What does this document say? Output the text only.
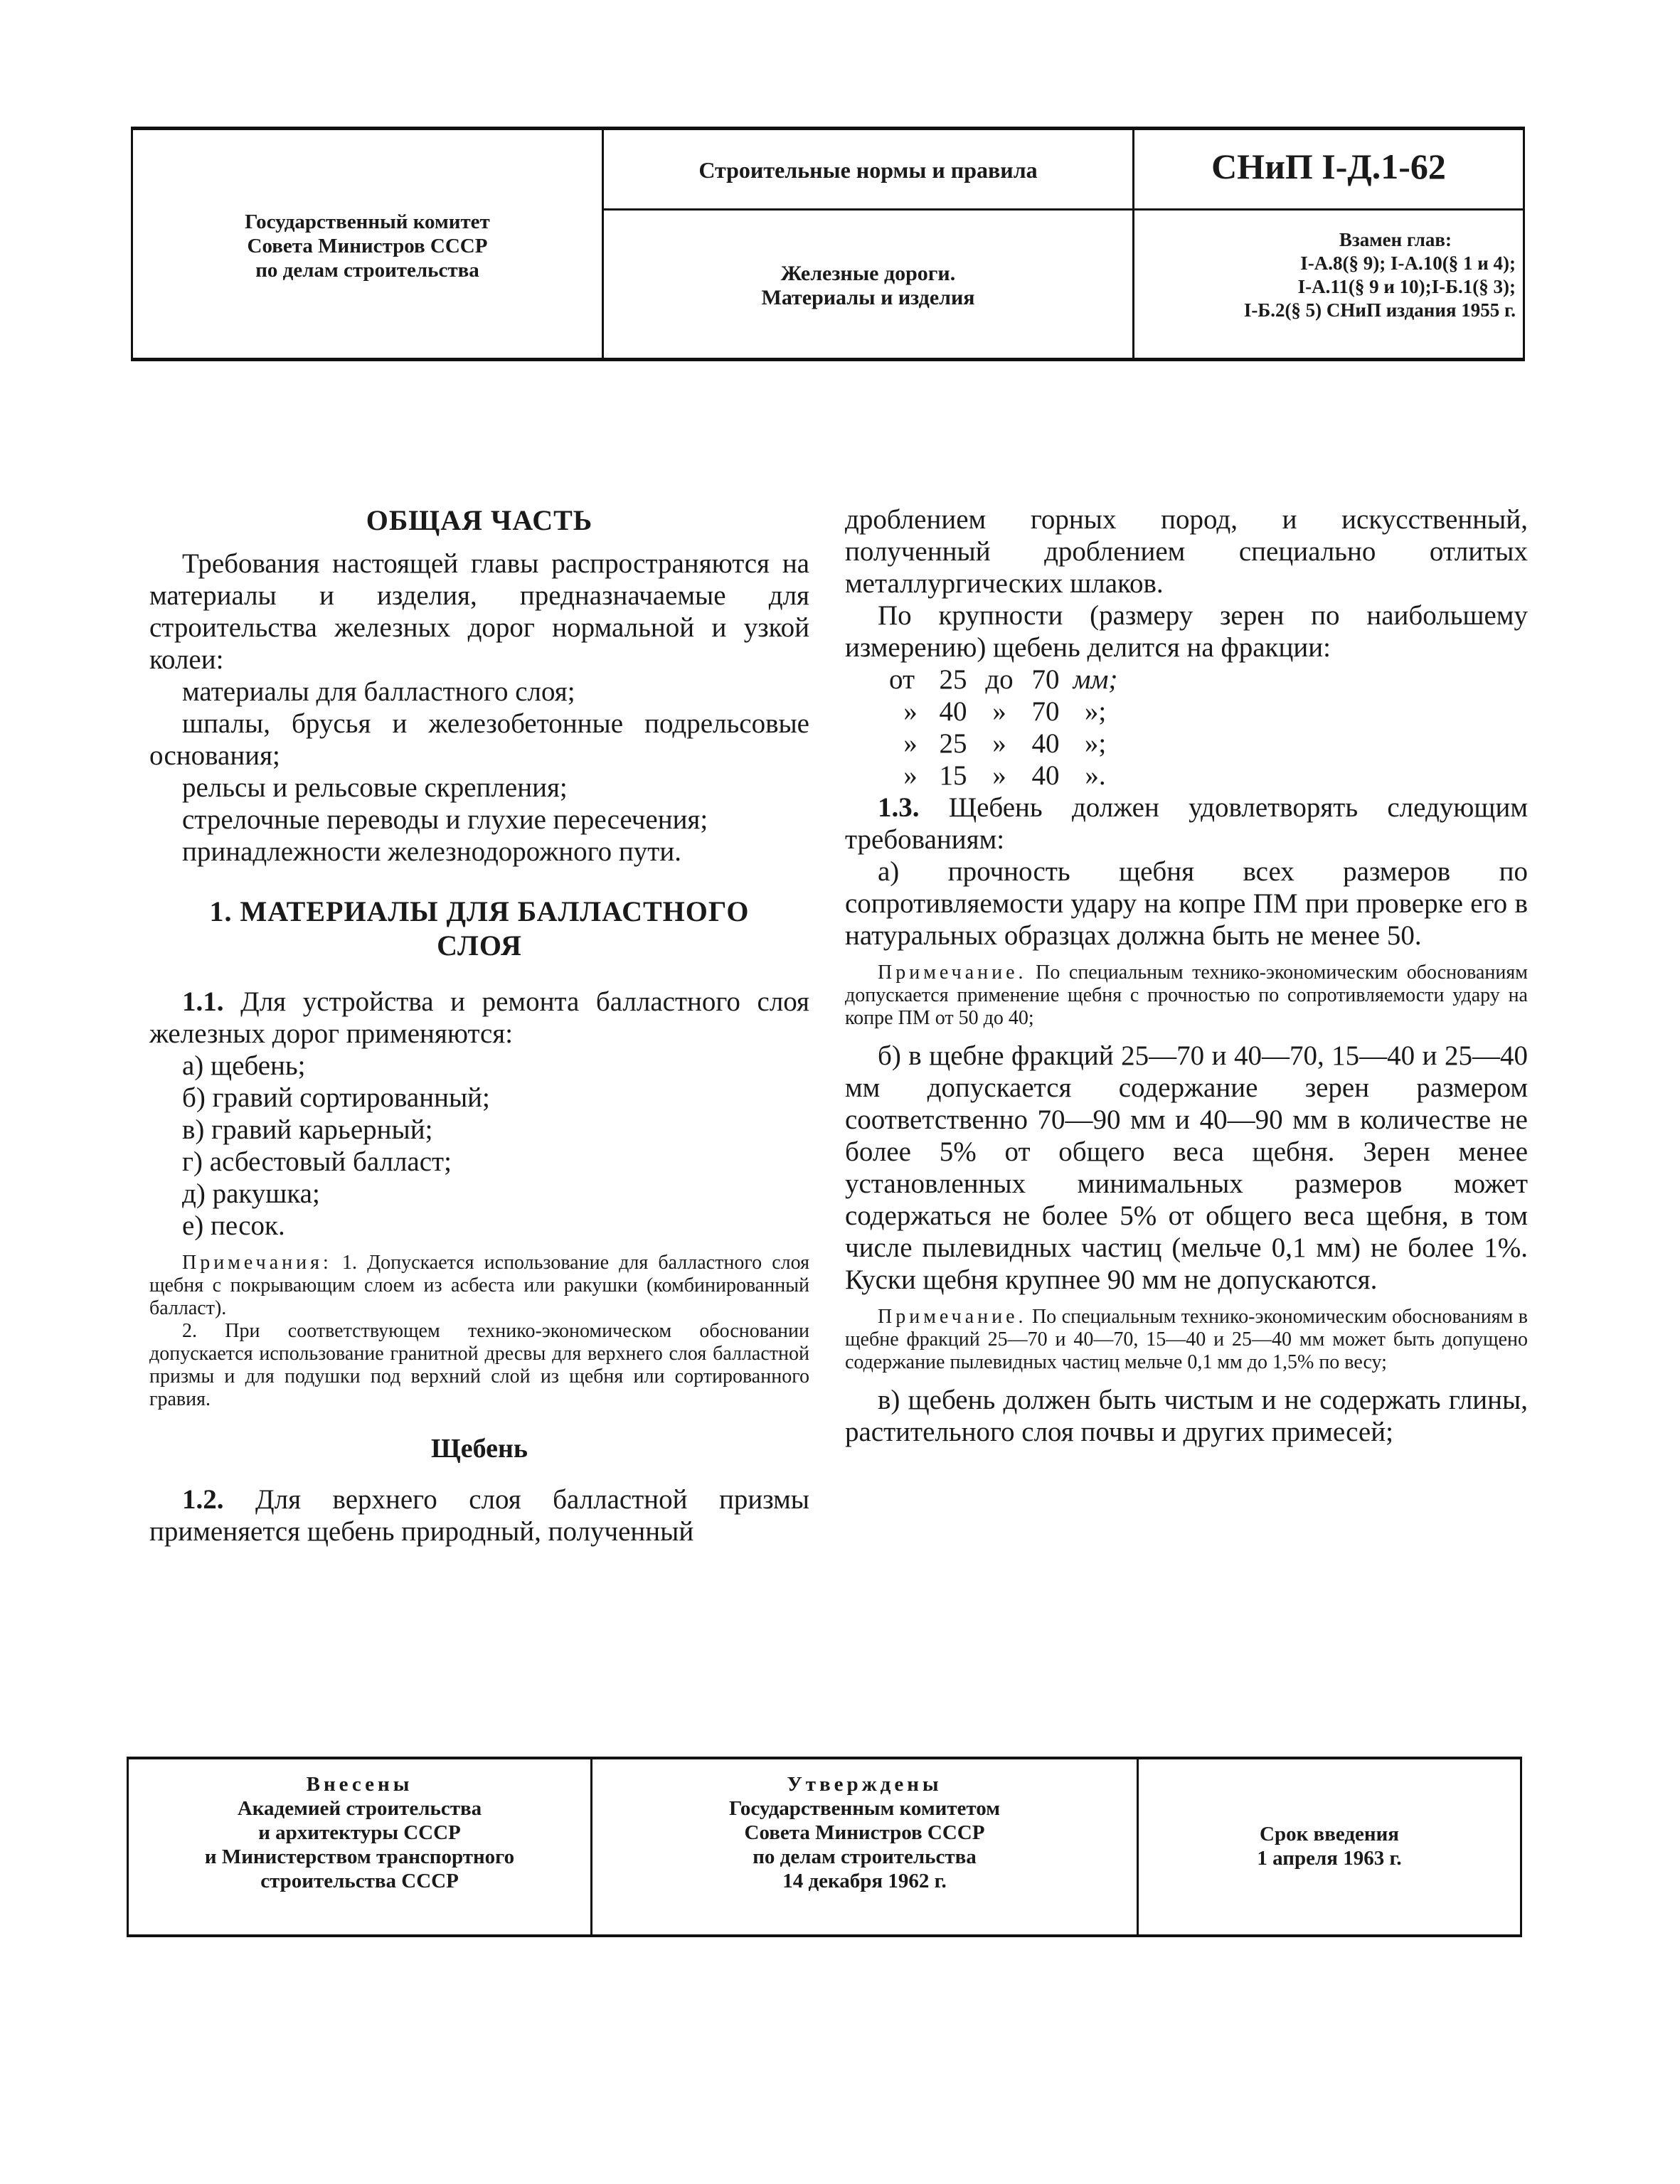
Государственный комитет
Совета Министров СССР
по делам строительства
Строительные нормы и правила
Железные дороги.
Материалы и изделия
СНиП I-Д.1-62
Взамен глав:
I-А.8(§ 9); I-А.10(§ 1 и 4);
I-А.11(§ 9 и 10);I-Б.1(§ 3);
I-Б.2(§ 5) СНиП издания 1955 г.

ОБЩАЯ ЧАСТЬ

Требования настоящей главы распространяются на материалы и изделия, предназначаемые для строительства железных дорог нормальной и узкой колеи:

материалы для балластного слоя;

шпалы, брусья и железобетонные подрельсовые основания;

рельсы и рельсовые скрепления;

стрелочные переводы и глухие пересечения;

принадлежности железнодорожного пути.

1. МАТЕРИАЛЫ ДЛЯ БАЛЛАСТНОГО СЛОЯ

1.1. Для устройства и ремонта балластного слоя железных дорог применяются:

а) щебень;

б) гравий сортированный;

в) гравий карьерный;

г) асбестовый балласт;

д) ракушка;

е) песок.

Примечания: 1. Допускается использование для балластного слоя щебня с покрывающим слоем из асбеста или ракушки (комбинированный балласт).

2. При соответствующем технико-экономическом обосновании допускается использование гранитной дресвы для верхнего слоя балластной призмы и для подушки под верхний слой из щебня или сортированного гравия.

Щебень

1.2. Для верхнего слоя балластной призмы применяется щебень природный, полученный

дроблением горных пород, и искусственный, полученный дроблением специально отлитых металлургических шлаков.

По крупности (размеру зерен по наибольшему измерению) щебень делится на фракции:

от 25 до 70 мм;

» 40 » 70 »;

» 25 » 40 »;

» 15 » 40 ».

1.3. Щебень должен удовлетворять следующим требованиям:

а) прочность щебня всех размеров по сопротивляемости удару на копре ПМ при проверке его в натуральных образцах должна быть не менее 50.

Примечание. По специальным технико-экономическим обоснованиям допускается применение щебня с прочностью по сопротивляемости удару на копре ПМ от 50 до 40;

б) в щебне фракций 25—70 и 40—70, 15—40 и 25—40 мм допускается содержание зерен размером соответственно 70—90 мм и 40—90 мм в количестве не более 5% от общего веса щебня. Зерен менее установленных минимальных размеров может содержаться не более 5% от общего веса щебня, в том числе пылевидных частиц (мельче 0,1 мм) не более 1%. Куски щебня крупнее 90 мм не допускаются.

Примечание. По специальным технико-экономическим обоснованиям в щебне фракций 25—70 и 40—70, 15—40 и 25—40 мм может быть допущено содержание пылевидных частиц мельче 0,1 мм до 1,5% по весу;

в) щебень должен быть чистым и не содержать глины, растительного слоя почвы и других примесей;

Внесены
Академией строительства
и архитектуры СССР
и Министерством транспортного
строительства СССР
Утверждены
Государственным комитетом
Совета Министров СССР
по делам строительства
14 декабря 1962 г.
Срок введения
1 апреля 1963 г.
